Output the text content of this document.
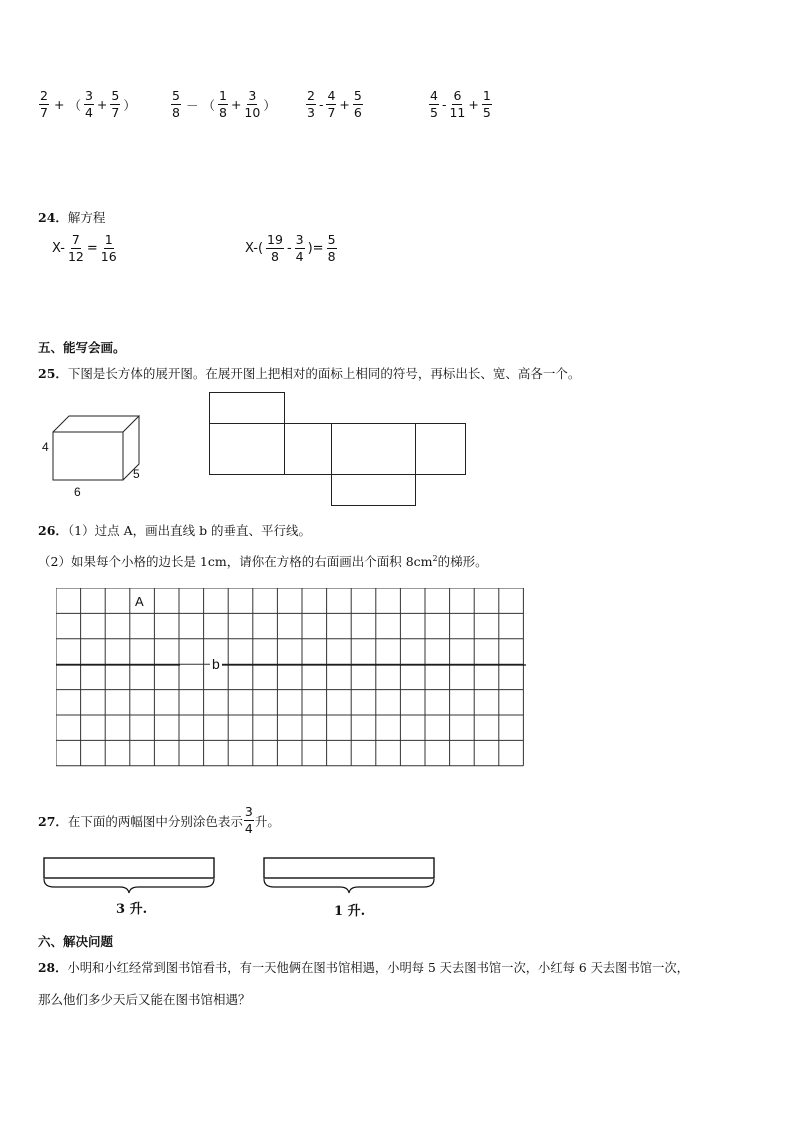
$\frac{2}{7}$ + （ $\frac{3}{4} + \frac{5}{7}$ ）	$\frac{5}{8}$ － （ $\frac{1}{8} + \frac{3}{10}$ ） $\frac{2}{3} - \frac{4}{7} + \frac{5}{6}$	$\frac{4}{5} - \frac{6}{11} + \frac{1}{5}$
24．解方程
$X- \frac{7}{12} = \frac{1}{16}$	$X-( \frac{19}{8} - \frac{3}{4}$ )= $\frac{5}{8}$
五、能写会画。
25．下图是长方体的展开图。在展开图上把相对的面标上相同的符号，再标出长、宽、高各一个。
4
5
6
26．（1）过点 A，画出直线 b 的垂直、平行线。
（2）如果每个小格的边长是 1cm，请你在方格的右面画出个面积 $8cm^2$的梯形。
A
b
27． 在下面的两幅图中分别涂色表示 $\frac{3}{4}$ 升。
3 升.	1 升.
六、解决问题
28．小明和小红经常到图书馆看书，有一天他俩在图书馆相遇，小明每 5 天去图书馆一次，小红每 6 天去图书馆一次，
那么他们多少天后又能在图书馆相遇？
